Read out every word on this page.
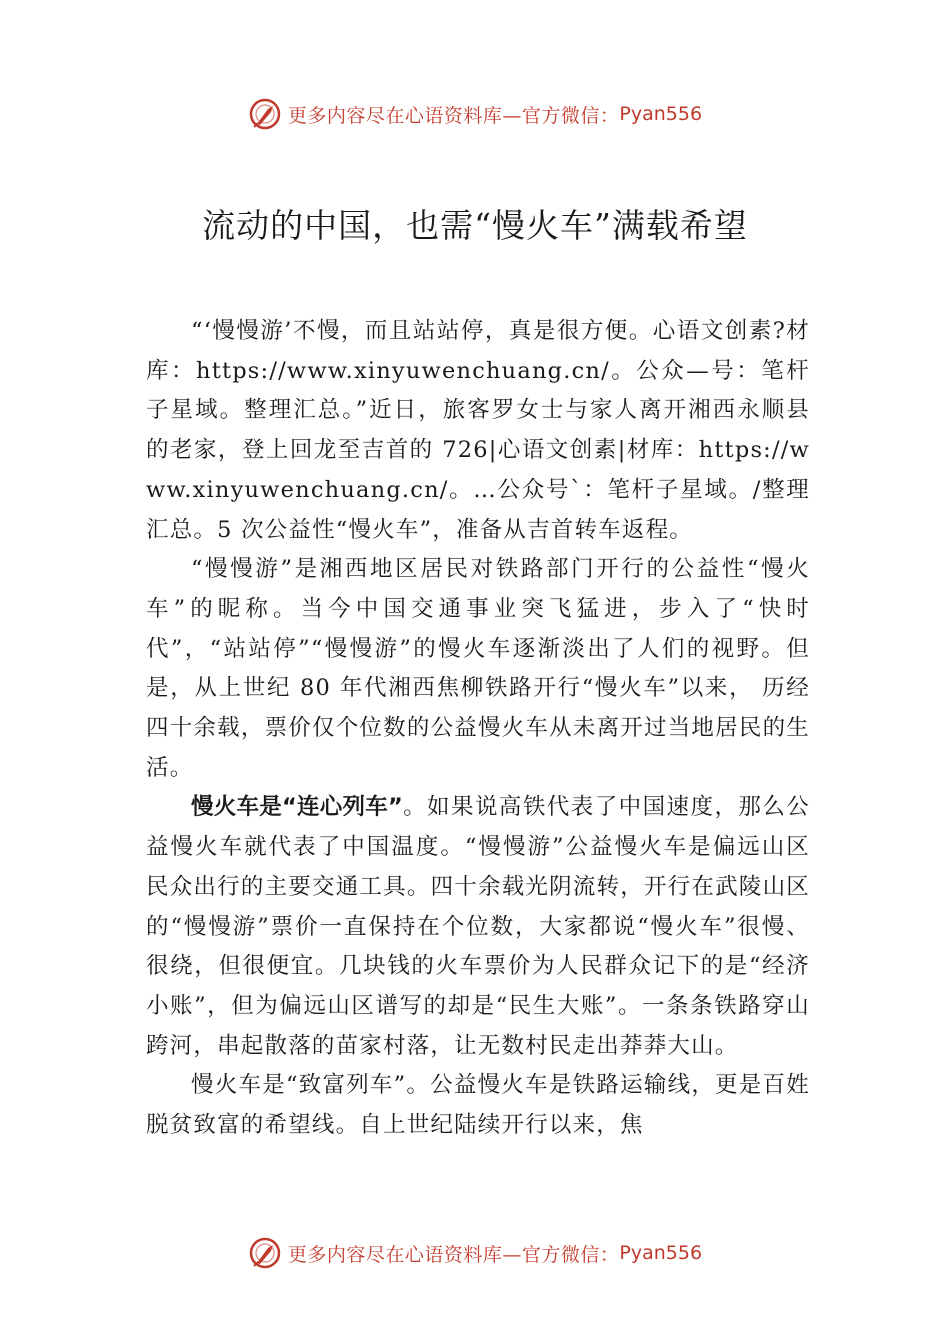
更多内容尽在心语资料库—官方微信： Pyan556
流动的中国，也需“慢火车”满载希望

“‘慢慢游’不慢，而且站站停，真是很方便。心语文创素?材库：https://www.xinyuwenchuang.cn/。公众—号：笔杆子星域。整理汇总。”近日，旅客罗女士与家人离开湘西永顺县的老家，登上回龙至吉首的 726|心语文创素|材库：https://www.xinyuwenchuang.cn/。…公众号`：笔杆子星域。/整理汇总。5 次公益性“慢火车”，准备从吉首转车返程。

“慢慢游”是湘西地区居民对铁路部门开行的公益性“慢火车”的昵称。当今中国交通事业突飞猛进，步入了“快时代”，“站站停”“慢慢游”的慢火车逐渐淡出了人们的视野。但是，从上世纪 80 年代湘西焦柳铁路开行“慢火车”以来， 历经四十余载，票价仅个位数的公益慢火车从未离开过当地居民的生活。

慢火车是“连心列车”。如果说高铁代表了中国速度，那么公益慢火车就代表了中国温度。“慢慢游”公益慢火车是偏远山区民众出行的主要交通工具。四十余载光阴流转，开行在武陵山区的“慢慢游”票价一直保持在个位数，大家都说“慢火车”很慢、很绕，但很便宜。几块钱的火车票价为人民群众记下的是“经济小账”，但为偏远山区谱写的却是“民生大账”。一条条铁路穿山跨河，串起散落的苗家村落，让无数村民走出莽莽大山。

慢火车是“致富列车”。公益慢火车是铁路运输线，更是百姓脱贫致富的希望线。自上世纪陆续开行以来，焦

更多内容尽在心语资料库—官方微信： Pyan556
